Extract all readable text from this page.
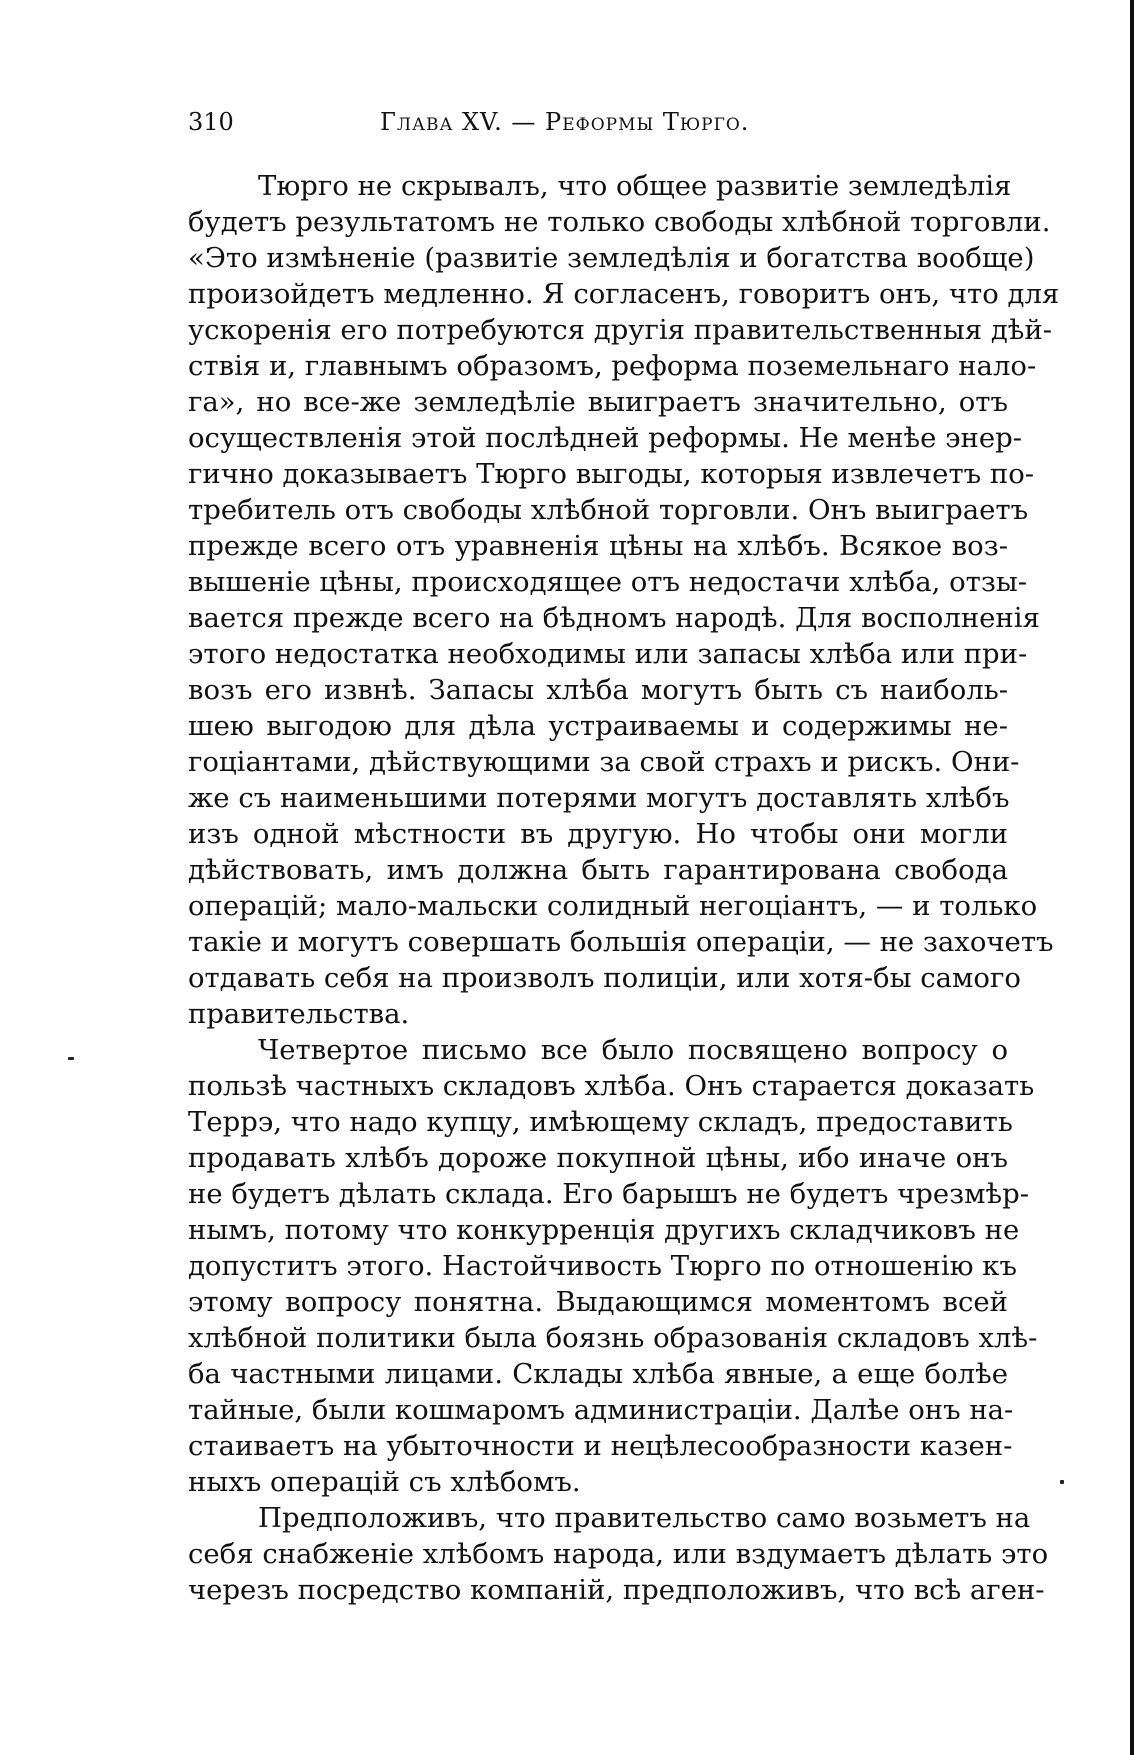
310	Глава XV. — Реформы Тюрго.
Тюрго не скрывалъ, что общее развитіе земледѣлія
будетъ результатомъ не только свободы хлѣбной торговли.
«Это измѣненіе (развитіе земледѣлія и богатства вообще)
произойдетъ медленно. Я согласенъ, говоритъ онъ, что для
ускоренія его потребуются другія правительственныя дѣй-
ствія и, главнымъ образомъ, реформа поземельнаго нало-
га», но все-же земледѣліе выиграетъ значительно, отъ
осуществленія этой послѣдней реформы. Не менѣе энер-
гично доказываетъ Тюрго выгоды, которыя извлечетъ по-
требитель отъ свободы хлѣбной торговли. Онъ выиграетъ
прежде всего отъ уравненія цѣны на хлѣбъ. Всякое воз-
вышеніе цѣны, происходящее отъ недостачи хлѣба, отзы-
вается прежде всего на бѣдномъ народѣ. Для восполненія
этого недостатка необходимы или запасы хлѣба или при-
возъ его извнѣ. Запасы хлѣба могутъ быть съ наиболь-
шею выгодою для дѣла устраиваемы и содержимы не-
гоціантами, дѣйствующими за свой страхъ и рискъ. Они-
же съ наименьшими потерями могутъ доставлять хлѣбъ
изъ одной мѣстности въ другую. Но чтобы они могли
дѣйствовать, имъ должна быть гарантирована свобода
операцій; мало-мальски солидный негоціантъ, — и только
такіе и могутъ совершать большія операціи, — не захочетъ
отдавать себя на произволъ полиціи, или хотя-бы самого
правительства.
Четвертое письмо все было посвящено вопросу о
пользѣ частныхъ складовъ хлѣба. Онъ старается доказать
Террэ, что надо купцу, имѣющему складъ, предоставить
продавать хлѣбъ дороже покупной цѣны, ибо иначе онъ
не будетъ дѣлать склада. Его барышъ не будетъ чрезмѣр-
нымъ, потому что конкурренція другихъ складчиковъ не
допуститъ этого. Настойчивость Тюрго по отношенію къ
этому вопросу понятна. Выдающимся моментомъ всей
хлѣбной политики была боязнь образованія складовъ хлѣ-
ба частными лицами. Склады хлѣба явные, а еще болѣе
тайные, были кошмаромъ администраціи. Далѣе онъ на-
стаиваетъ на убыточности и нецѣлесообразности казен-
ныхъ операцій съ хлѣбомъ.
Предположивъ, что правительство само возьметъ на
себя снабженіе хлѣбомъ народа, или вздумаетъ дѣлать это
черезъ посредство компаній, предположивъ, что всѣ аген-
